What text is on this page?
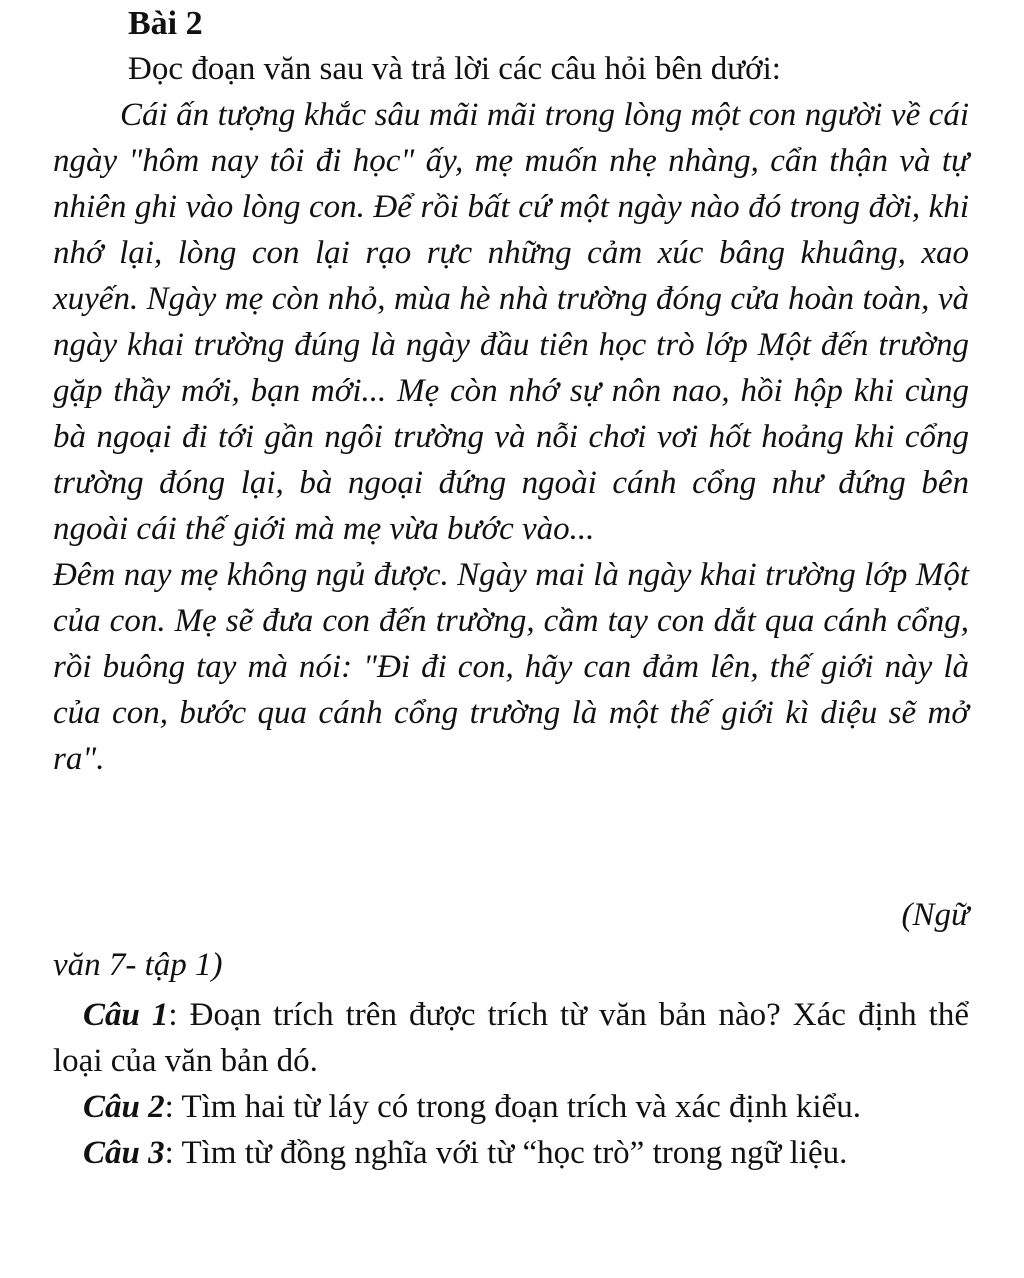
Bài 2
Đọc đoạn văn sau và trả lời các câu hỏi bên dưới:

Cái ấn tượng khắc sâu mãi mãi trong lòng một con người về cái ngày "hôm nay tôi đi học" ấy, mẹ muốn nhẹ nhàng, cẩn thận và tự nhiên ghi vào lòng con. Để rồi bất cứ một ngày nào đó trong đời, khi nhớ lại, lòng con lại rạo rực những cảm xúc bâng khuâng, xao xuyến. Ngày mẹ còn nhỏ, mùa hè nhà trường đóng cửa hoàn toàn, và ngày khai trường đúng là ngày đầu tiên học trò lớp Một đến trường gặp thầy mới, bạn mới... Mẹ còn nhớ sự nôn nao, hồi hộp khi cùng bà ngoại đi tới gần ngôi trường và nỗi chơi vơi hốt hoảng khi cổng trường đóng lại, bà ngoại đứng ngoài cánh cổng như đứng bên ngoài cái thế giới mà mẹ vừa bước vào...

Đêm nay mẹ không ngủ được. Ngày mai là ngày khai trường lớp Một của con. Mẹ sẽ đưa con đến trường, cầm tay con dắt qua cánh cổng, rồi buông tay mà nói: "Đi đi con, hãy can đảm lên, thế giới này là của con, bước qua cánh cổng trường là một thế giới kì diệu sẽ mở ra".

(Ngữ
văn 7- tập 1)

Câu 1: Đoạn trích trên được trích từ văn bản nào? Xác định thể loại của văn bản dó.

Câu 2: Tìm hai từ láy có trong đoạn trích và xác định kiểu.

Câu 3: Tìm từ đồng nghĩa với từ “học trò” trong ngữ liệu.
